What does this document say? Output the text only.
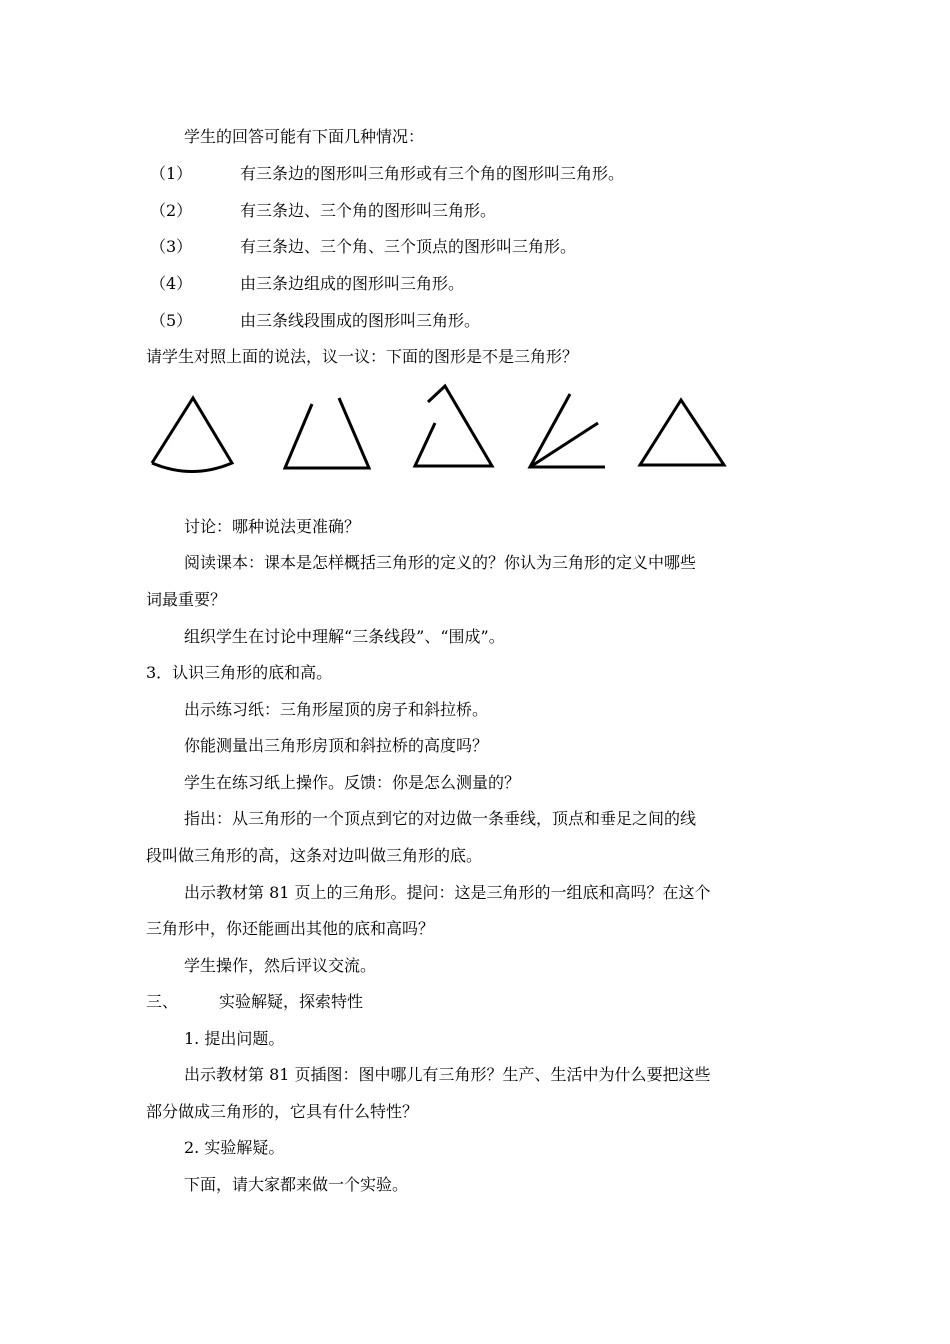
学生的回答可能有下面几种情况：
（1）	有三条边的图形叫三角形或有三个角的图形叫三角形。
（2）	有三条边、三个角的图形叫三角形。
（3）	有三条边、三个角、三个顶点的图形叫三角形。
（4）	由三条边组成的图形叫三角形。
（5）	由三条线段围成的图形叫三角形。
请学生对照上面的说法，议一议：下面的图形是不是三角形？
讨论：哪种说法更准确？
阅读课本：课本是怎样概括三角形的定义的？你认为三角形的定义中哪些
词最重要？
组织学生在讨论中理解“三条线段”、“围成”。
3．认识三角形的底和高。
出示练习纸：三角形屋顶的房子和斜拉桥。
你能测量出三角形房顶和斜拉桥的高度吗？
学生在练习纸上操作。反馈：你是怎么测量的？
指出：从三角形的一个顶点到它的对边做一条垂线，顶点和垂足之间的线
段叫做三角形的高，这条对边叫做三角形的底。
出示教材第 81 页上的三角形。提问：这是三角形的一组底和高吗？在这个
三角形中，你还能画出其他的底和高吗？
学生操作，然后评议交流。
三、	实验解疑，探索特性
1. 提出问题。
出示教材第 81 页插图：图中哪儿有三角形？生产、生活中为什么要把这些
部分做成三角形的，它具有什么特性？
2. 实验解疑。
下面，请大家都来做一个实验。
